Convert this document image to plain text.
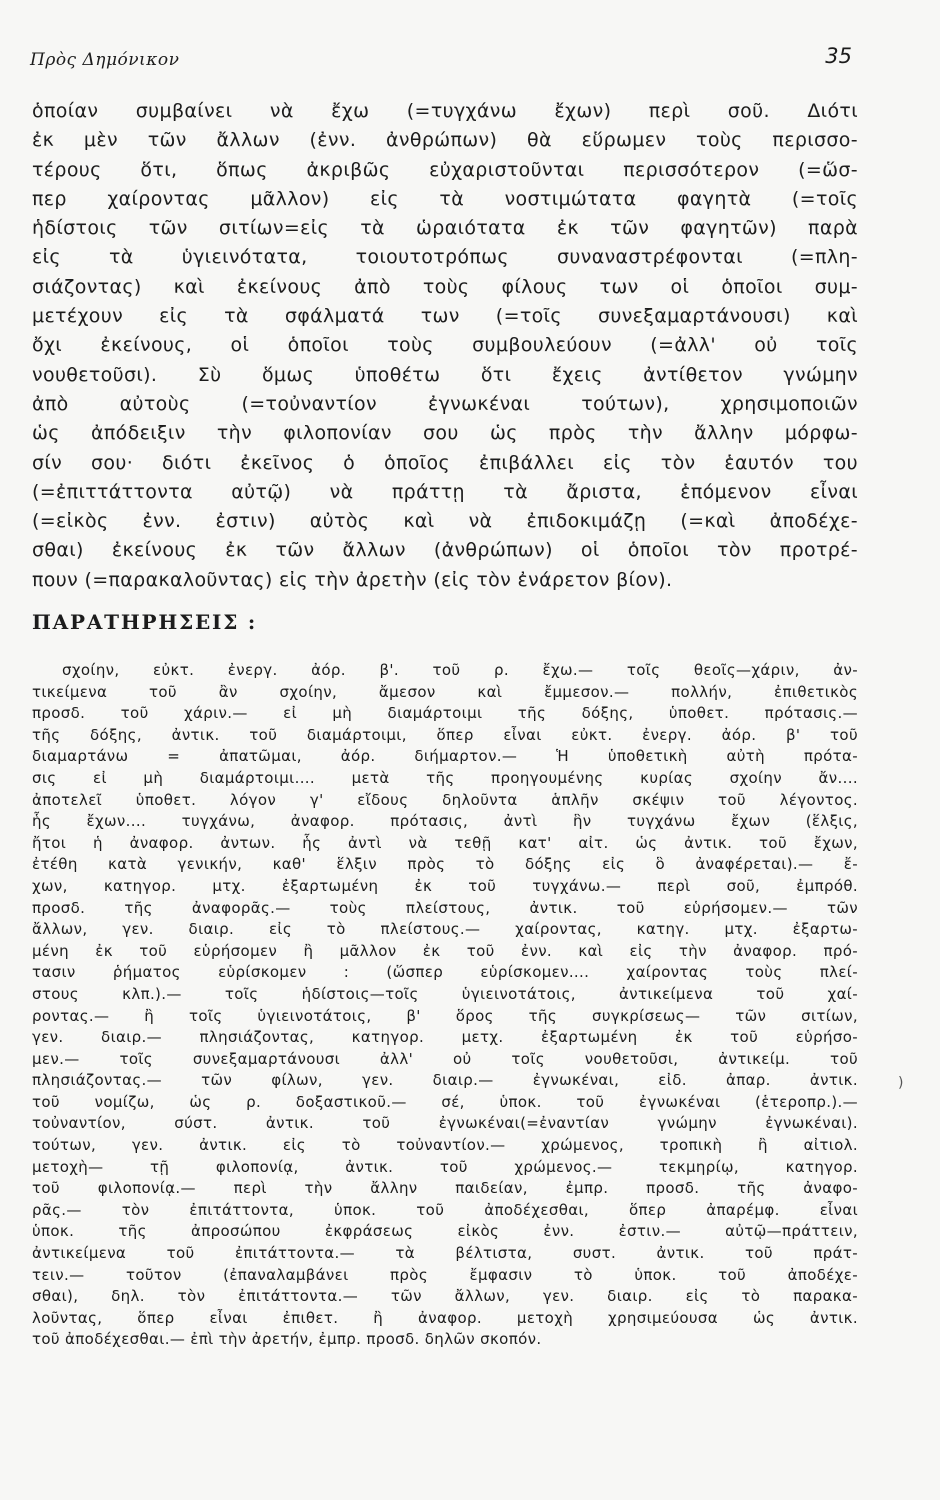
Πρὸς Δημόνικον	35
ὁποίαν συμβαίνει νὰ ἔχω (=τυγχάνω ἔχων) περὶ σοῦ. Διότι
ἐκ μὲν τῶν ἄλλων (ἐνν. ἀνθρώπων) θὰ εὕρωμεν τοὺς περισσο-
τέρους ὅτι, ὅπως ἀκριβῶς εὐχαριστοῦνται περισσότερον (=ὥσ-
περ χαίροντας μᾶλλον) εἰς τὰ νοστιμώτατα φαγητὰ (=τοῖς
ἡδίστοις τῶν σιτίων=εἰς τὰ ὡραιότατα ἐκ τῶν φαγητῶν) παρὰ
εἰς τὰ ὑγιεινότατα, τοιουτοτρόπως συναναστρέφονται (=πλη-
σιάζοντας) καὶ ἐκείνους ἀπὸ τοὺς φίλους των οἱ ὁποῖοι συμ-
μετέχουν εἰς τὰ σφάλματά των (=τοῖς συνεξαμαρτάνουσι) καὶ
ὄχι ἐκείνους, οἱ ὁποῖοι τοὺς συμβουλεύουν (=ἀλλ' οὐ τοῖς
νουθετοῦσι). Σὺ ὅμως ὑποθέτω ὅτι ἔχεις ἀντίθετον γνώμην
ἀπὸ αὐτοὺς (=τοὐναντίον ἐγνωκέναι τούτων), χρησιμοποιῶν
ὡς ἀπόδειξιν τὴν φιλοπονίαν σου ὡς πρὸς τὴν ἄλλην μόρφω-
σίν σου· διότι ἐκεῖνος ὁ ὁποῖος ἐπιβάλλει εἰς τὸν ἑαυτόν του
(=ἐπιττάττοντα αὐτῷ) νὰ πράττῃ τὰ ἄριστα, ἑπόμενον εἶναι
(=εἰκὸς ἐνν. ἐστιν) αὐτὸς καὶ νὰ ἐπιδοκιμάζῃ (=καὶ ἀποδέχε-
σθαι) ἐκείνους ἐκ τῶν ἄλλων (ἀνθρώπων) οἱ ὁποῖοι τὸν προτρέ-
πουν (=παρακαλοῦντας) εἰς τὴν ἀρετὴν (εἰς τὸν ἐνάρετον βίον).
ΠΑΡΑΤΗΡΗΣΕΙΣ :
σχοίην, εὐκτ. ἐνεργ. ἀόρ. β'. τοῦ ρ. ἔχω.— τοῖς θεοῖς—χάριν, ἀν-
τικείμενα τοῦ ἂν σχοίην, ἄμεσον καὶ ἔμμεσον.— πολλήν, ἐπιθετικὸς
προσδ. τοῦ χάριν.— εἰ μὴ διαμάρτοιμι τῆς δόξης, ὑποθετ. πρότασις.—
τῆς δόξης, ἀντικ. τοῦ διαμάρτοιμι, ὅπερ εἶναι εὐκτ. ἐνεργ. ἀόρ. β' τοῦ
διαμαρτάνω = ἀπατῶμαι, ἀόρ. διήμαρτον.— Ἡ ὑποθετικὴ αὐτὴ πρότα-
σις εἰ μὴ διαμάρτοιμι.... μετὰ τῆς προηγουμένης κυρίας σχοίην ἄν....
ἀποτελεῖ ὑποθετ. λόγον γ' εἴδους δηλοῦντα ἁπλῆν σκέψιν τοῦ λέγοντος.
ἧς ἔχων.... τυγχάνω, ἀναφορ. πρότασις, ἀντὶ ἣν τυγχάνω ἔχων (ἕλξις,
ἤτοι ἡ ἀναφορ. ἀντων. ἧς ἀντὶ νὰ τεθῇ κατ' αἰτ. ὡς ἀντικ. τοῦ ἔχων,
ἐτέθη κατὰ γενικήν, καθ' ἕλξιν πρὸς τὸ δόξης εἰς ὃ ἀναφέρεται).— ἔ-
χων, κατηγορ. μτχ. ἐξαρτωμένη ἐκ τοῦ τυγχάνω.— περὶ σοῦ, ἐμπρόθ.
προσδ. τῆς ἀναφορᾶς.— τοὺς πλείστους, ἀντικ. τοῦ εὑρήσομεν.— τῶν
ἄλλων, γεν. διαιρ. εἰς τὸ πλείστους.— χαίροντας, κατηγ. μτχ. ἐξαρτω-
μένη ἐκ τοῦ εὑρήσομεν ἢ μᾶλλον ἐκ τοῦ ἐνν. καὶ εἰς τὴν ἀναφορ. πρό-
τασιν ῥήματος εὑρίσκομεν : (ὥσπερ εὑρίσκομεν.... χαίροντας τοὺς πλεί-
στους κλπ.).— τοῖς ἡδίστοις—τοῖς ὑγιεινοτάτοις, ἀντικείμενα τοῦ χαί-
ροντας.— ἢ τοῖς ὑγιεινοτάτοις, β' ὅρος τῆς συγκρίσεως— τῶν σιτίων,
γεν. διαιρ.— πλησιάζοντας, κατηγορ. μετχ. ἐξαρτωμένη ἐκ τοῦ εὑρήσο-
μεν.— τοῖς συνεξαμαρτάνουσι ἀλλ' οὐ τοῖς νουθετοῦσι, ἀντικείμ. τοῦ
πλησιάζοντας.— τῶν φίλων, γεν. διαιρ.— ἐγνωκέναι, εἰδ. ἀπαρ. ἀντικ.
τοῦ νομίζω, ὡς ρ. δοξαστικοῦ.— σέ, ὑποκ. τοῦ ἐγνωκέναι (ἑτεροπρ.).—
τοὐναντίον, σύστ. ἀντικ. τοῦ ἐγνωκέναι(=ἐναντίαν γνώμην ἐγνωκέναι).
τούτων, γεν. ἀντικ. εἰς τὸ τοὐναντίον.— χρώμενος, τροπικὴ ἢ αἰτιολ.
μετοχὴ— τῇ φιλοπονίᾳ, ἀντικ. τοῦ χρώμενος.— τεκμηρίῳ, κατηγορ.
τοῦ φιλοπονίᾳ.— περὶ τὴν ἄλλην παιδείαν, ἐμπρ. προσδ. τῆς ἀναφο-
ρᾶς.— τὸν ἐπιτάττοντα, ὑποκ. τοῦ ἀποδέχεσθαι, ὅπερ ἀπαρέμφ. εἶναι
ὑποκ. τῆς ἀπροσώπου ἐκφράσεως εἰκὸς ἐνν. ἐστιν.— αὐτῷ—πράττειν,
ἀντικείμενα τοῦ ἐπιτάττοντα.— τὰ βέλτιστα, συστ. ἀντικ. τοῦ πράτ-
τειν.— τοῦτον (ἐπαναλαμβάνει πρὸς ἔμφασιν τὸ ὑποκ. τοῦ ἀποδέχε-
σθαι), δηλ. τὸν ἐπιτάττοντα.— τῶν ἄλλων, γεν. διαιρ. εἰς τὸ παρακα-
λοῦντας, ὅπερ εἶναι ἐπιθετ. ἢ ἀναφορ. μετοχὴ χρησιμεύουσα ὡς ἀντικ.
τοῦ ἀποδέχεσθαι.— ἐπὶ τὴν ἀρετήν, ἐμπρ. προσδ. δηλῶν σκοπόν.
)
